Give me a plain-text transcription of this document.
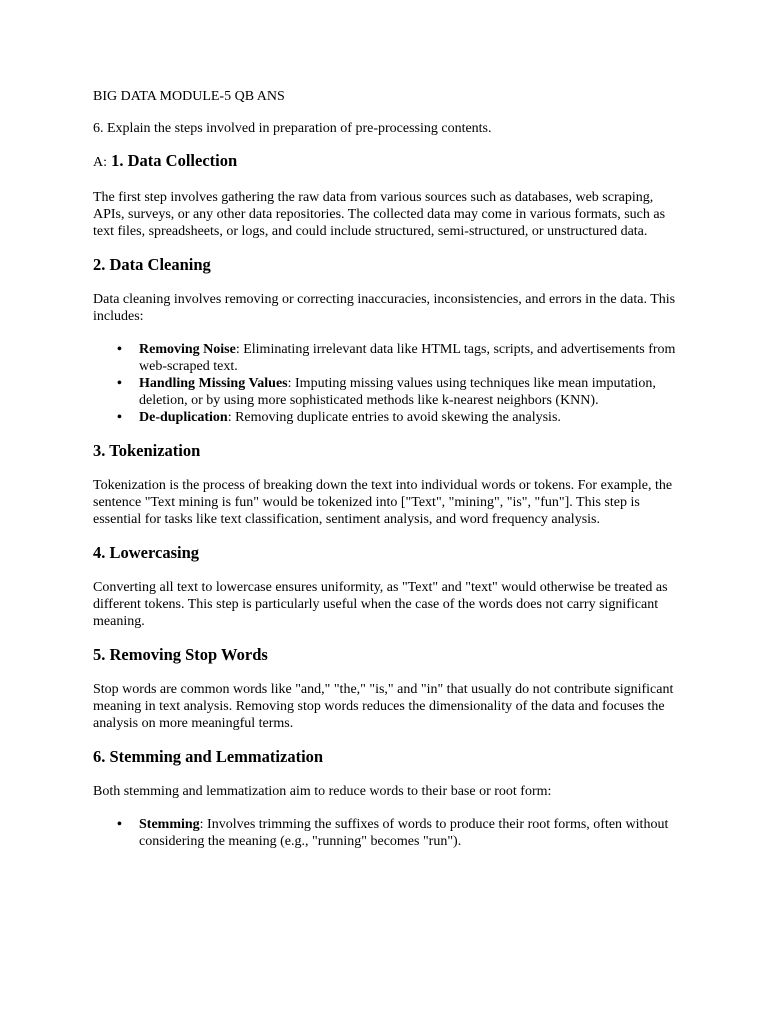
BIG DATA MODULE-5 QB ANS
6. Explain the steps involved in preparation of pre-processing contents.
A: 1. Data Collection

The first step involves gathering the raw data from various sources such as databases, web scraping, APIs, surveys, or any other data repositories. The collected data may come in various formats, such as text files, spreadsheets, or logs, and could include structured, semi-structured, or unstructured data.

2. Data Cleaning

Data cleaning involves removing or correcting inaccuracies, inconsistencies, and errors in the data. This includes:

• Removing Noise: Eliminating irrelevant data like HTML tags, scripts, and advertisements from web-scraped text.
• Handling Missing Values: Imputing missing values using techniques like mean imputation, deletion, or by using more sophisticated methods like k-nearest neighbors (KNN).
• De-duplication: Removing duplicate entries to avoid skewing the analysis.
3. Tokenization

Tokenization is the process of breaking down the text into individual words or tokens. For example, the sentence "Text mining is fun" would be tokenized into ["Text", "mining", "is", "fun"]. This step is essential for tasks like text classification, sentiment analysis, and word frequency analysis.

4. Lowercasing

Converting all text to lowercase ensures uniformity, as "Text" and "text" would otherwise be treated as different tokens. This step is particularly useful when the case of the words does not carry significant meaning.

5. Removing Stop Words

Stop words are common words like "and," "the," "is," and "in" that usually do not contribute significant meaning in text analysis. Removing stop words reduces the dimensionality of the data and focuses the analysis on more meaningful terms.

6. Stemming and Lemmatization

Both stemming and lemmatization aim to reduce words to their base or root form:

• Stemming: Involves trimming the suffixes of words to produce their root forms, often without considering the meaning (e.g., "running" becomes "run").
